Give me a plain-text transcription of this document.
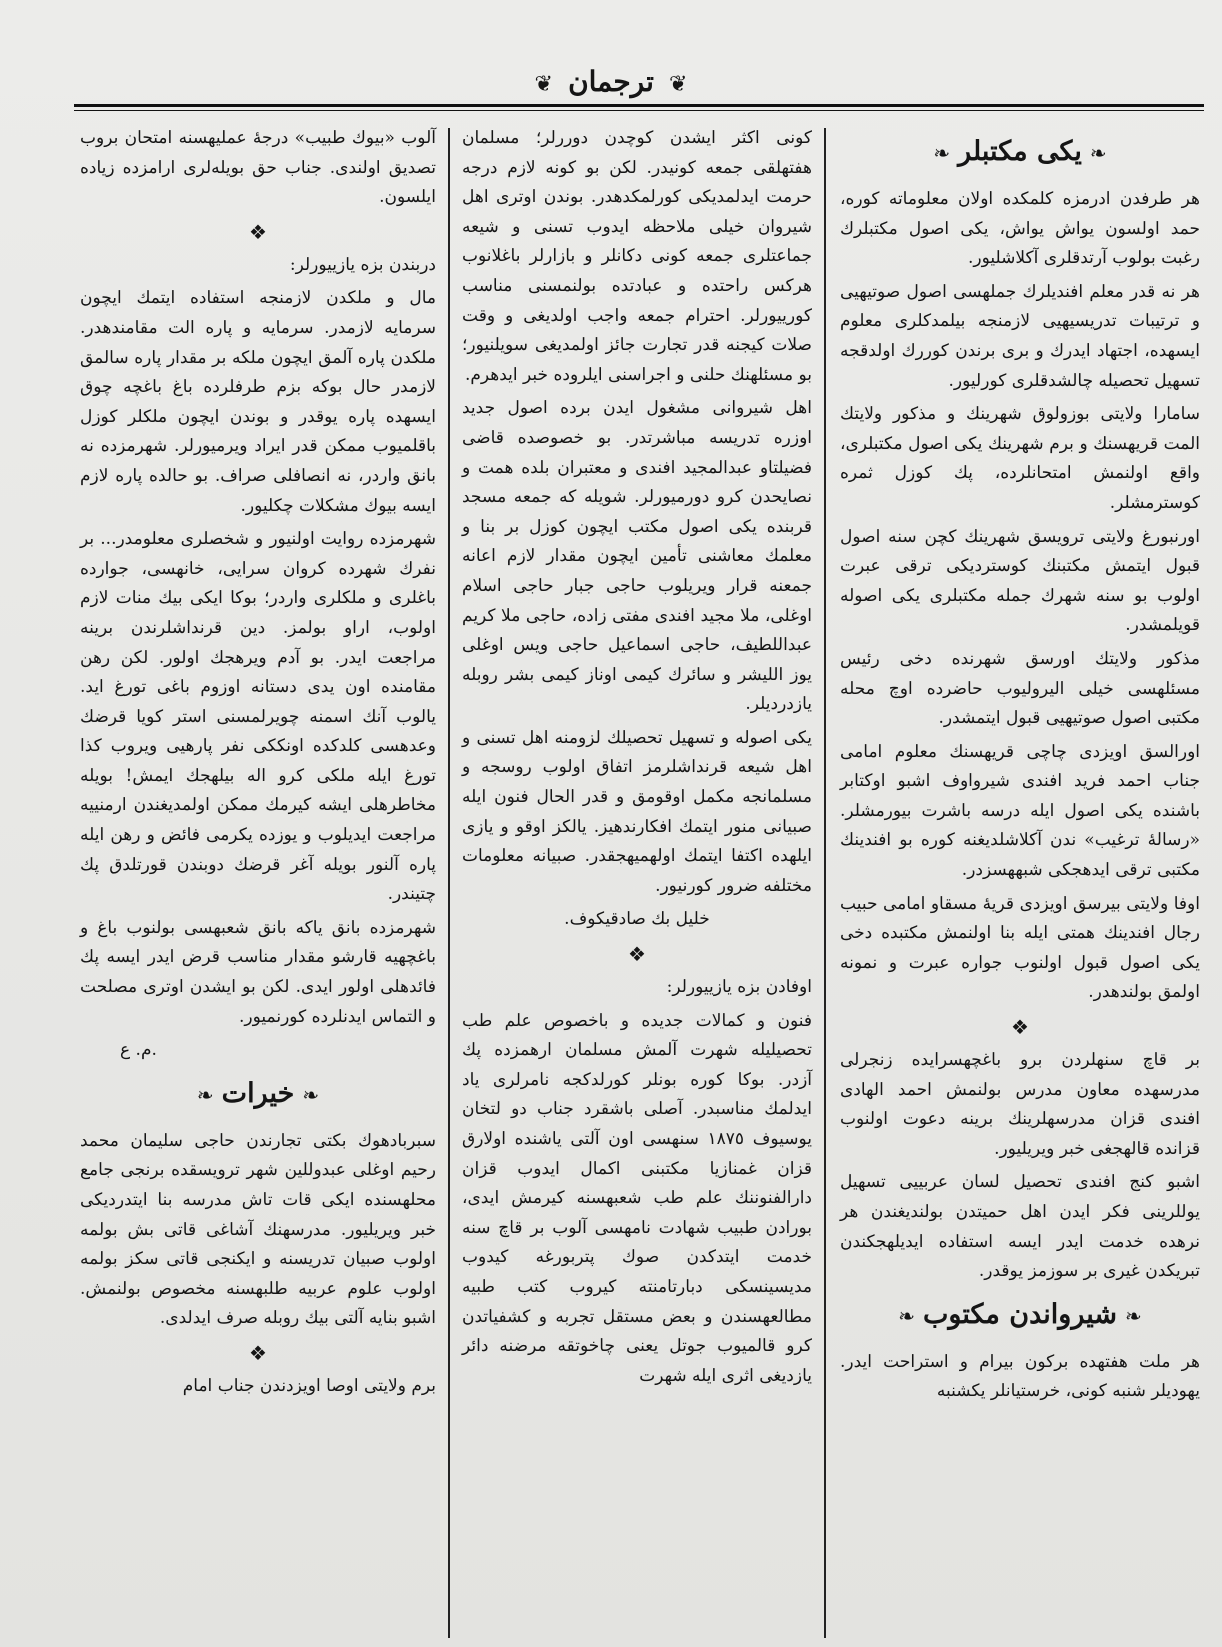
❦ ترجمان ❦
❧یکی مکتبلر❧

هر طرفدن ادرمزه کلمکده اولان معلوماته کوره، حمد اولسون یواش یواش، یکی اصول مکتبلرك رغبت بولوب آرتدقلری آکلاشلیور.

هر نه قدر معلم افندیلرك جملهسی اصول صوتیهیی و ترتیبات تدریسیهیی لازمنجه بیلمدکلری معلوم ایسهده، اجتهاد ایدرك و بری برندن کوررك اولدقجه تسهیل تحصیله چالشدقلری کورلیور.

سامارا ولایتی بوزولوق شهرینك و مذکور ولایتك المت قریهسنك و برم شهرینك یکی اصول مکتبلری، واقع اولنمش امتحانلرده، پك کوزل ثمره کوسترمشلر.

اورنبورغ ولایتی ترویسق شهرینك کچن سنه اصول قبول ایتمش مکتبنك کوستردیکی ترقی عبرت اولوب بو سنه شهرك جمله مکتبلری یکی اصوله قویلمشدر.

مذکور ولایتك اورسق شهرنده دخی رئیس مسئلهسی خیلی الیرولیوب حاضرده اوچ محله مکتبی اصول صوتیهیی قبول ایتمشدر.

اورالسق اویزدی چاچی قریهسنك معلوم امامی جناب احمد فرید افندی شیرواوف اشبو اوکتابر باشنده یکی اصول ایله درسه باشرت بیورمشلر. «رسالهٔ ترغیب» ندن آکلاشلدیغنه کوره بو افندینك مکتبی ترقی ایدهجکی شبههسزدر.

اوفا ولایتی بیرسق اویزدی قریهٔ مسقاو امامی حبیب رجال افندینك همتی ایله بنا اولنمش مکتبده دخی یکی اصول قبول اولنوب جواره عبرت و نمونه اولمق بولندهدر.

❖

بر قاچ سنهلردن برو باغچهسرایده زنجرلی مدرسهده معاون مدرس بولنمش احمد الهادی افندی قزان مدرسهلرینك برینه دعوت اولنوب قزانده قالهجغی خبر ویریلیور.

اشبو کنج افندی تحصیل لسان عربییی تسهیل یوللرینی فکر ایدن اهل حمیتدن بولندیغندن هر نرهده خدمت ایدر ایسه استفاده ایدیلهجکندن تبریکدن غیری بر سوزمز یوقدر.

❧شیرواندن مکتوب❧

هر ملت هفتهده برکون بیرام و استراحت ایدر. یهودیلر شنبه کونی، خرستیانلر یکشنبه

کونی اکثر ایشدن کوچدن دوررلر؛ مسلمان هفتهلقی جمعه کونیدر. لکن بو کونه لازم درجه حرمت ایدلمدیکی کورلمکدهدر. بوندن اوتری اهل شیروان خیلی ملاحظه ایدوب تسنی و شیعه جماعتلری جمعه کونی دکانلر و بازارلر باغلانوب هرکس راحتده و عبادتده بولنمسنی مناسب کورییورلر. احترام جمعه واجب اولدیغی و وقت صلات کیجنه قدر تجارت جائز اولمدیغی سویلنیور؛ بو مسئلهنك حلنی و اجراسنی ایلروده خبر ایدهرم.

اهل شیروانی مشغول ایدن برده اصول جدید اوزره تدریسه مباشرتدر. بو خصوصده قاضی فضیلتاو عبدالمجید افندی و معتبران بلده همت و نصایحدن کرو دورمیورلر. شویله که جمعه مسجد قربنده یکی اصول مکتب ایچون کوزل بر بنا و معلمك معاشنی تأمین ایچون مقدار لازم اعانه جمعنه قرار ویریلوب حاجی جبار حاجی اسلام اوغلی، ملا مجید افندی مفتی زاده، حاجی ملا کریم عبداللطیف، حاجی اسماعیل حاجی ویس اوغلی یوز اللیشر و سائرك کیمی اوناز کیمی بشر روبله یازدردیلر.

یکی اصوله و تسهیل تحصیلك لزومنه اهل تسنی و اهل شیعه قرنداشلرمز اتفاق اولوب روسجه و مسلمانجه مکمل اوقومق و قدر الحال فنون ایله صبیانی منور ایتمك افکارندهیز. یالکز اوقو و یازی ایلهده اکتفا ایتمك اولهمیهجقدر. صبیانه معلومات مختلفه ضرور کورنیور.

خلیل بك صادقیکوف.

❖

اوفادن بزه یازییورلر:

فنون و کمالات جدیده و باخصوص علم طب تحصیلیله شهرت آلمش مسلمان ارهمزده پك آزدر. بوکا کوره بونلر کورلدکجه نامرلری یاد ایدلمك مناسبدر. آصلی باشقرد جناب دو لتخان یوسیوف ١٨٧٥ سنهسی اون آلتی یاشنده اولارق قزان غمنازیا مکتبنی اکمال ایدوب قزان دارالفنوننك علم طب شعبهسنه کیرمش ایدی، بورادن طبیب شهادت نامهسی آلوب بر قاچ سنه خدمت ایتدکدن صوك پتربورغه کیدوب مدیسینسکی دبارتامنته کیروب کتب طبیه مطالعهسندن و بعض مستقل تجربه و کشفیاتدن کرو قالمیوب جوتل یعنی چاخوتقه مرضنه دائر یازدیغی اثری ایله شهرت

آلوب «بیوك طبیب» درجهٔ عملیهسنه امتحان بروب تصدیق اولندی. جناب حق بویله‌لری ارامزده زیاده ایلسون.

❖

دربندن بزه یازییورلر:

مال و ملکدن لازمنجه استفاده ایتمك ایچون سرمایه لازمدر. سرمایه و پاره الت مقامندهدر. ملکدن پاره آلمق ایچون ملکه بر مقدار پاره سالمق لازمدر حال بوکه بزم طرفلرده باغ باغچه چوق ایسهده پاره یوقدر و بوندن ایچون ملکلر کوزل باقلمیوب ممکن قدر ایراد ویرمیورلر. شهرمزده نه بانق واردر، نه انصافلی صراف. بو حالده پاره لازم ایسه بیوك مشکلات چکلیور.

شهرمزده روایت اولنیور و شخصلری معلومدر... بر نفرك شهرده کروان سرایی، خانهسی، جوارده باغلری و ملکلری واردر؛ بوکا ایکی بیك منات لازم اولوب، اراو بولمز. دین قرنداشلرندن برینه مراجعت ایدر. بو آدم ویرهجك اولور. لکن رهن مقامنده اون یدی دستانه اوزوم باغی تورغ اید. یالوب آنك اسمنه چویرلمسنی استر کویا قرضك وعدهسی کلدکده اونککی نفر پارهیی ویروب کذا تورغ ایله ملکی کرو اله بیلهجك ایمش! بویله مخاطرهلی ایشه کیرمك ممکن اولمدیغندن ارمنییه مراجعت ایدیلوب و یوزده یکرمی فائض و رهن ایله پاره آلنور بویله آغر قرضك دوبندن قورتلدق پك چتیندر.

شهرمزده بانق یاکه بانق شعبهسی بولنوب باغ و باغچهیه قارشو مقدار مناسب قرض ایدر ایسه پك فائدهلی اولور ایدی. لکن بو ایشدن اوتری مصلحت و التماس ایدنلرده کورنمیور.

م. ع.

❧خیرات❧

سبربادهوك بکتی تجارندن حاجی سلیمان محمد رحیم اوغلی عبدوللین شهر ترویسقده برنجی جامع محلهسنده ایکی قات تاش مدرسه بنا ایتدردیکی خبر ویریلیور. مدرسهنك آشاغی قاتی بش بولمه اولوب صبیان تدریسنه و ایکنجی قاتی سکز بولمه اولوب علوم عربیه طلبهسنه مخصوص بولنمش. اشبو بنایه آلتی بیك روبله صرف ایدلدی.

❖

برم ولایتی اوصا اویزدندن جناب امام
